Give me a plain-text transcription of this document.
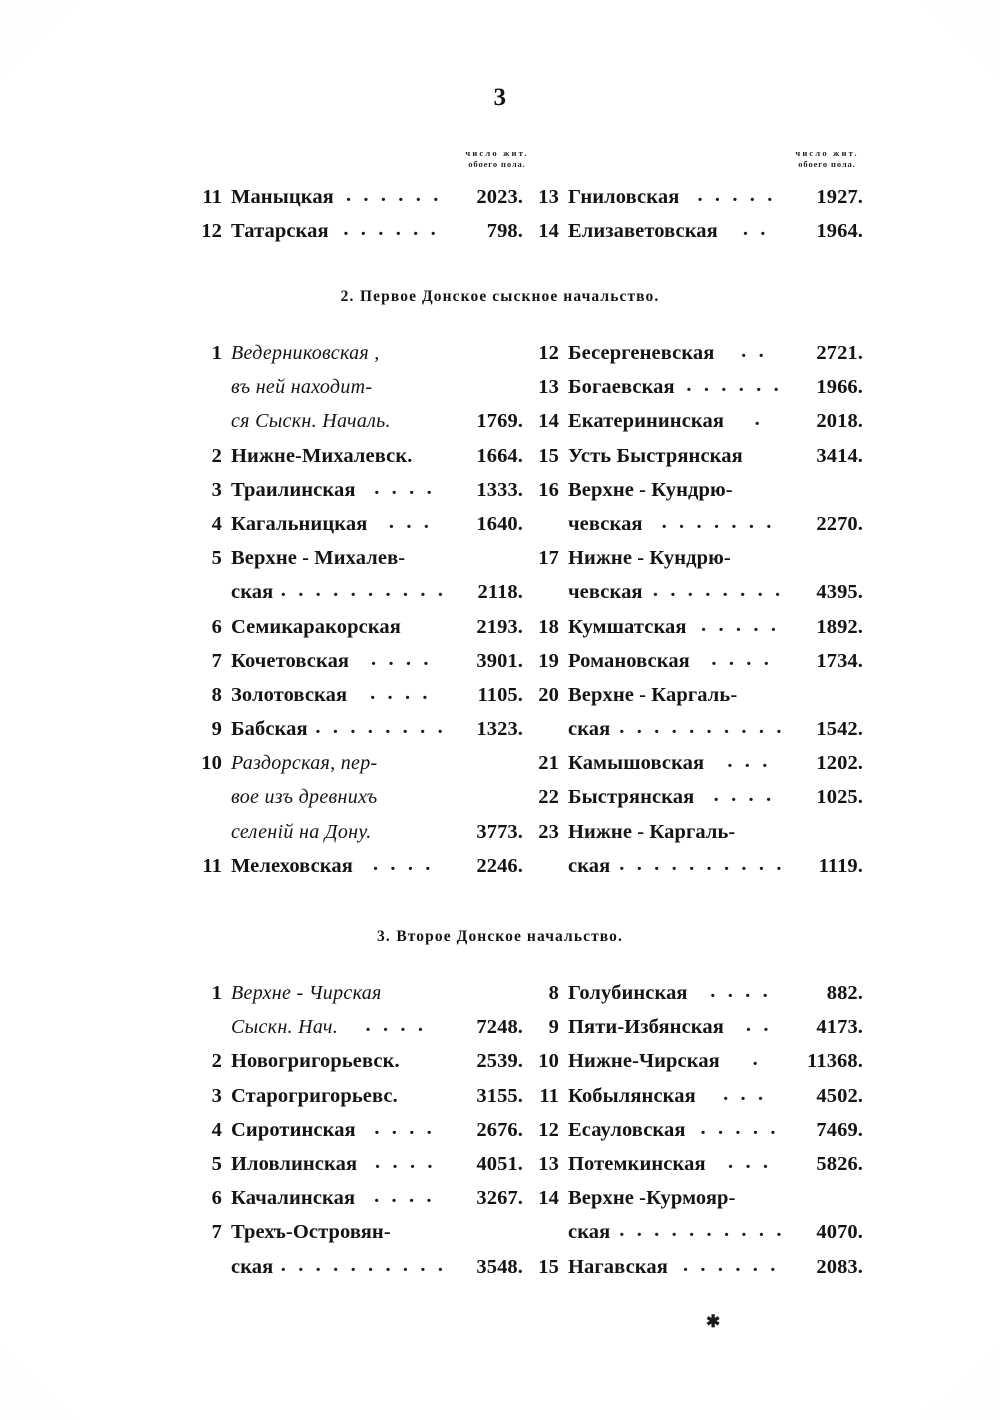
3
число жит.
обоего пола.
число жит.
обоего пола.
11 Маныцкая . . . . . .	2023.
12 Татарская . . . . . .	798.
13 Гниловская . . . . .	1927.
14 Елизаветовская	. .	1964.
2. Первое Донское сыскное начальство.
1 Ведерниковская ,
въ ней находит-
ся Сыскн. Началь.	1769.
2 Нижне-Михалевск.	1664.
3 Траилинская . . . .	1333.
4 Кагальницкая	. . .	1640.
5 Верхне - Михалев-
ская . . . . . . . . . .	2118.
6 Семикаракорская	2193.
7 Кочетовская	. . . .	3901.
8 Золотовская	. . . .	1105.
9 Бабская . . . . . . . .	1323.
10 Раздорская, пер-
вое изъ древнихъ
селеній на Дону.	3773.
11 Мелеховская . . . .	2246.
12 Бесергеневская	. .	2721.
13 Богаевская . . . . . .	1966.
14 Екатерининская	.	2018.
15 Усть Быстрянская	3414.
16 Верхне - Кундрю-
чевская . . . . . . .	2270.
17 Нижне - Кундрю-
чевская . . . . . . . .	4395.
18 Кумшатская . . . . .	1892.
19 Романовская	. . . .	1734.
20 Верхне - Каргаль-
ская . . . . . . . . . .	1542.
21 Камышовская	. . .	1202.
22 Быстрянская . . . .	1025.
23 Нижне - Каргаль-
ская . . . . . . . . . .	1119.
3. Второе Донское начальство.
1 Верхне - Чирская
Сыскн. Нач.	. . . .	7248.
2 Новогригорьевск.	2539.
3 Старогригорьевс.	3155.
4 Сиротинская . . . .	2676.
5 Иловлинская . . . .	4051.
6 Качалинская . . . .	3267.
7 Трехъ-Островян-
ская . . . . . . . . . .	3548.
8 Голубинская	. . . .	882.
9 Пяти-Избянская	. .	4173.
10 Нижне-Чирская	.	11368.
11 Кобылянская	. . .	4502.
12 Есауловская . . . . .	7469.
13 Потемкинская	. . .	5826.
14 Верхне -Курмояр-
ская . . . . . . . . . .	4070.
15 Нагавская . . . . . .	2083.
✱
